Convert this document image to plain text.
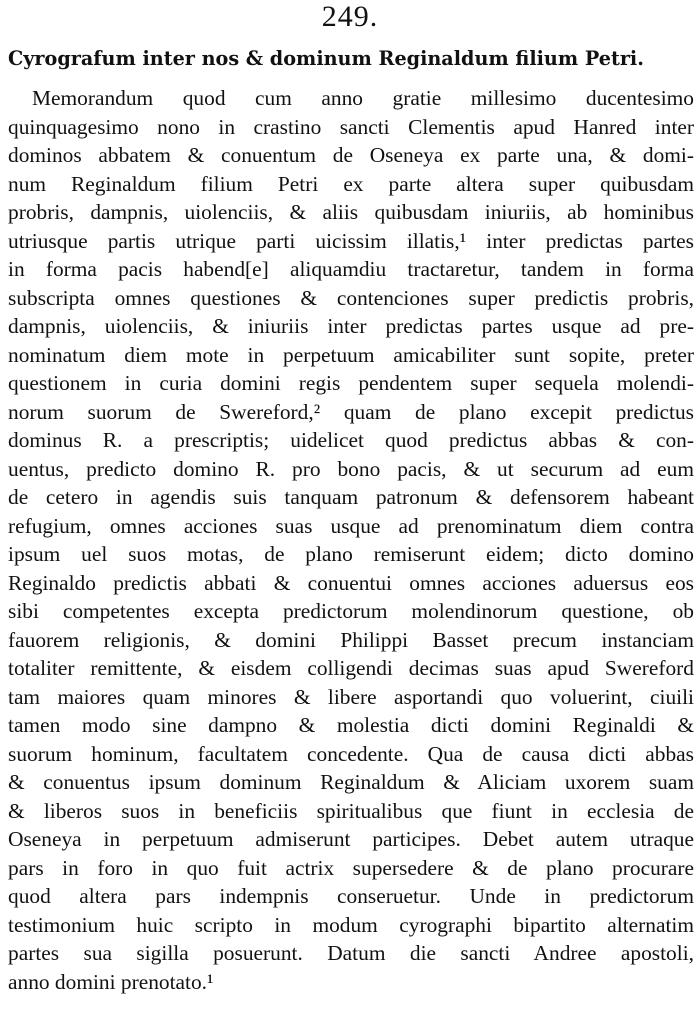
249.
Cyrografum inter nos & dominum Reginaldum filium Petri.
Memorandum quod cum anno gratie millesimo ducentesimo
quinquagesimo nono in crastino sancti Clementis apud Hanred inter
dominos abbatem & conuentum de Oseneya ex parte una, & domi-
num Reginaldum filium Petri ex parte altera super quibusdam
probris, dampnis, uiolenciis, & aliis quibusdam iniuriis, ab hominibus
utriusque partis utrique parti uicissim illatis,¹ inter predictas partes
in forma pacis habend[e] aliquamdiu tractaretur, tandem in forma
subscripta omnes questiones & contenciones super predictis probris,
dampnis, uiolenciis, & iniuriis inter predictas partes usque ad pre-
nominatum diem mote in perpetuum amicabiliter sunt sopite, preter
questionem in curia domini regis pendentem super sequela molendi-
norum suorum de Swereford,² quam de plano excepit predictus
dominus R. a prescriptis; uidelicet quod predictus abbas & con-
uentus, predicto domino R. pro bono pacis, & ut securum ad eum
de cetero in agendis suis tanquam patronum & defensorem habeant
refugium, omnes acciones suas usque ad prenominatum diem contra
ipsum uel suos motas, de plano remiserunt eidem; dicto domino
Reginaldo predictis abbati & conuentui omnes acciones aduersus eos
sibi competentes excepta predictorum molendinorum questione, ob
fauorem religionis, & domini Philippi Basset precum instanciam
totaliter remittente, & eisdem colligendi decimas suas apud Swereford
tam maiores quam minores & libere asportandi quo voluerint, ciuili
tamen modo sine dampno & molestia dicti domini Reginaldi &
suorum hominum, facultatem concedente. Qua de causa dicti abbas
& conuentus ipsum dominum Reginaldum & Aliciam uxorem suam
& liberos suos in beneficiis spiritualibus que fiunt in ecclesia de
Oseneya in perpetuum admiserunt participes. Debet autem utraque
pars in foro in quo fuit actrix supersedere & de plano procurare
quod altera pars indempnis conseruetur. Unde in predictorum
testimonium huic scripto in modum cyrographi bipartito alternatim
partes sua sigilla posuerunt. Datum die sancti Andree apostoli,
anno domini prenotato.¹
